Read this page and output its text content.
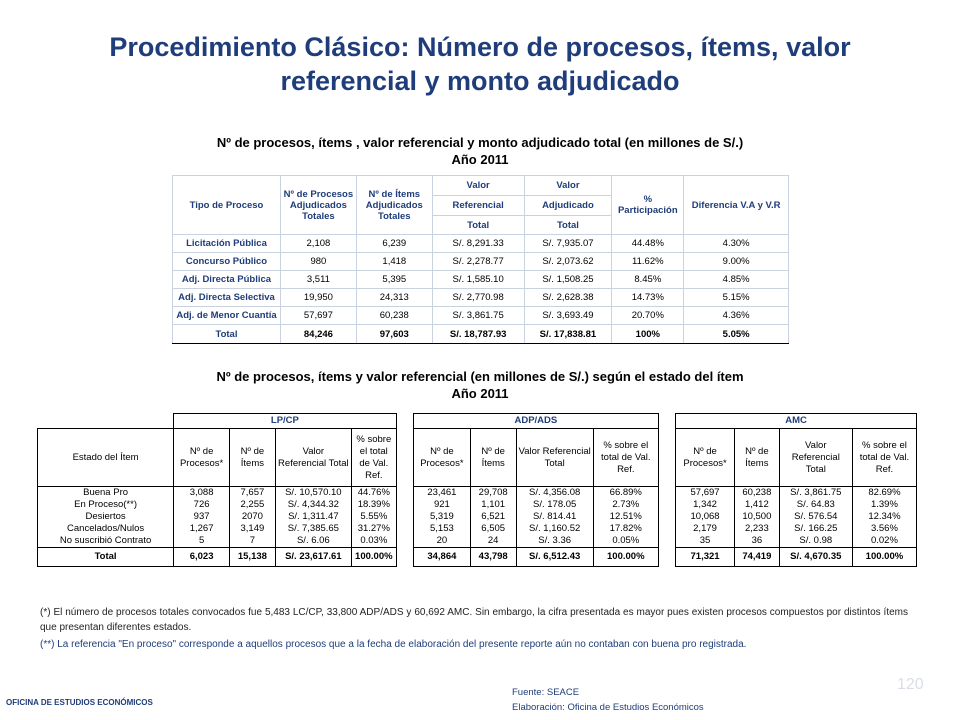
Procedimiento Clásico: Número de procesos, ítems, valor
referencial y monto adjudicado
Nº de procesos, ítems , valor referencial y monto adjudicado total (en millones de S/.)
Año 2011
Tipo de Proceso	Nº de Procesos Adjudicados Totales	Nº de Ítems Adjudicados Totales	Valor	Valor	% Participación	Diferencia V.A y V.R
			Referencial	Adjudicado		
			Total	Total		
Licitación Pública	2,108	6,239	S/. 8,291.33	S/. 7,935.07	44.48%	4.30%
Concurso Público	980	1,418	S/. 2,278.77	S/. 2,073.62	11.62%	9.00%
Adj. Directa Pública	3,511	5,395	S/. 1,585.10	S/. 1,508.25	8.45%	4.85%
Adj. Directa Selectiva	19,950	24,313	S/. 2,770.98	S/. 2,628.38	14.73%	5.15%
Adj. de Menor Cuantía	57,697	60,238	S/. 3,861.75	S/. 3,693.49	20.70%	4.36%
Total	84,246	97,603	S/. 18,787.93	S/. 17,838.81	100%	5.05%
Nº de procesos, ítems y valor referencial (en millones de S/.) según el estado del ítem
Año 2011
	LP/CP					ADP/ADS					AMC			
Estado del Ítem	Nº de Procesos*	Nº de Ítems	Valor Referencial Total	% sobre el total de Val. Ref.		Nº de Procesos*	Nº de Ítems	Valor Referencial Total	% sobre el total de Val. Ref.		Nº de Procesos*	Nº de Ítems	Valor Referencial Total	% sobre el total de Val. Ref.
Buena Pro	3,088	7,657	S/. 10,570.10	44.76%		23,461	29,708	S/. 4,356.08	66.89%		57,697	60,238	S/. 3,861.75	82.69%
En Proceso(**)	726	2,255	S/. 4,344.32	18.39%		921	1,101	S/. 178.05	2.73%		1,342	1,412	S/. 64.83	1.39%
Desiertos	937	2070	S/. 1,311.47	5.55%		5,319	6,521	S/. 814.41	12.51%		10,068	10,500	S/. 576.54	12.34%
Cancelados/Nulos	1,267	3,149	S/. 7,385.65	31.27%		5,153	6,505	S/. 1,160.52	17.82%		2,179	2,233	S/. 166.25	3.56%
No suscribió Contrato	5	7	S/. 6.06	0.03%		20	24	S/. 3.36	0.05%		35	36	S/. 0.98	0.02%
Total	6,023	15,138	S/. 23,617.61	100.00%		34,864	43,798	S/. 6,512.43	100.00%		71,321	74,419	S/. 4,670.35	100.00%
(*) El número de procesos totales convocados fue 5,483 LC/CP, 33,800 ADP/ADS y 60,692 AMC. Sin embargo, la cifra presentada es mayor pues existen procesos compuestos por distintos ítems que presentan diferentes estados.
(**) La referencia "En proceso" corresponde a aquellos procesos que a la fecha de elaboración del presente reporte aún no contaban con buena pro registrada.
120
Fuente: SEACE
Elaboración: Oficina de Estudios Económicos
OFICINA DE ESTUDIOS ECONÓMICOS
